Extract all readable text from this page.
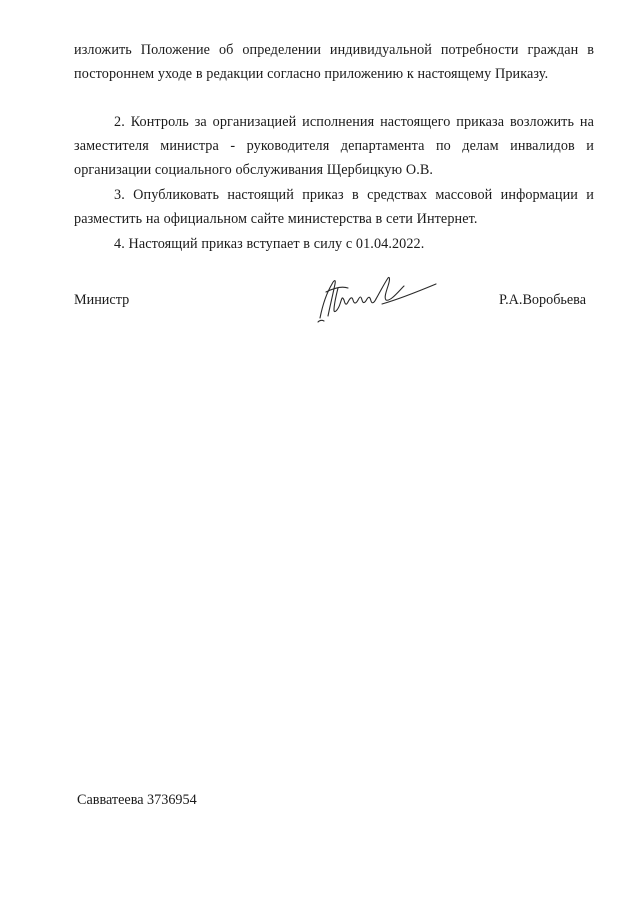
изложить Положение об определении индивидуальной потребности граждан в постороннем уходе в редакции согласно приложению к настоящему Приказу.

2. Контроль за организацией исполнения настоящего приказа возложить на заместителя министра - руководителя департамента по делам инвалидов и организации социального обслуживания Щербицкую О.В.

3. Опубликовать настоящий приказ в средствах массовой информации и разместить на официальном сайте министерства в сети Интернет.

4. Настоящий приказ вступает в силу с 01.04.2022.

Министр	Р.А.Воробьева

Савватеева 3736954
